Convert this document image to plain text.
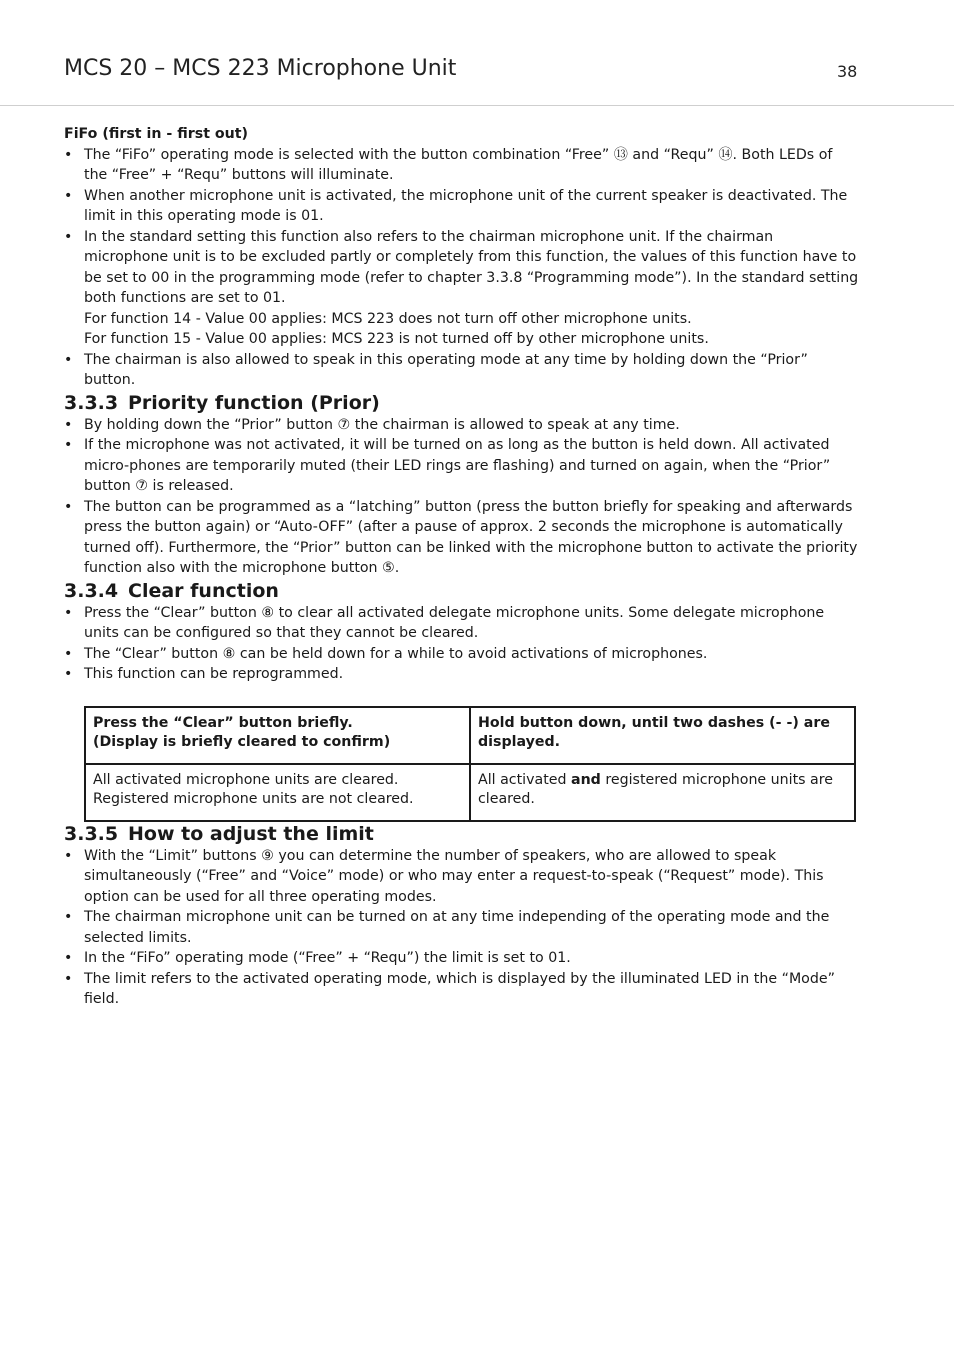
MCS 20 – MCS 223 Microphone Unit	38

FiFo (first in - first out)

• The “FiFo” operating mode is selected with the button combination “Free” ⑬ and “Requ” ⑭. Both LEDs of the “Free” + “Requ” buttons will illuminate.
• When another microphone unit is activated, the microphone unit of the current speaker is deactivated. The limit in this operating mode is 01.
• In the standard setting this function also refers to the chairman microphone unit. If the chairman microphone unit is to be excluded partly or completely from this function, the values of this function have to be set to 00 in the programming mode (refer to chapter 3.3.8 “Programming mode”). In the standard setting both functions are set to 01.
For function 14 - Value 00 applies: MCS 223 does not turn off other microphone units.
For function 15 - Value 00 applies: MCS 223 is not turned off by other microphone units.
• The chairman is also allowed to speak in this operating mode at any time by holding down the “Prior” button.
3.3.3 Priority function (Prior)
• By holding down the “Prior” button ⑦ the chairman is allowed to speak at any time.
• If the microphone was not activated, it will be turned on as long as the button is held down. All activated micro-phones are temporarily muted (their LED rings are flashing) and turned on again, when the “Prior” button ⑦ is released.
• The button can be programmed as a “latching” button (press the button briefly for speaking and afterwards press the button again) or “Auto-OFF” (after a pause of approx. 2 seconds the microphone is automatically turned off). Furthermore, the “Prior” button can be linked with the microphone button to activate the priority function also with the microphone button ⑤.
3.3.4 Clear function
• Press the “Clear” button ⑧ to clear all activated delegate microphone units. Some delegate microphone units can be configured so that they cannot be cleared.
• The “Clear” button ⑧ can be held down for a while to avoid activations of microphones.
• This function can be reprogrammed.
Press the “Clear” button briefly.
(Display is briefly cleared to confirm)	Hold button down, until two dashes (- -) are displayed.

All activated microphone units are cleared.
Registered microphone units are not cleared.	All activated and registered microphone units are cleared.
3.3.5 How to adjust the limit
• With the “Limit” buttons ⑨ you can determine the number of speakers, who are allowed to speak simultaneously (“Free” and “Voice” mode) or who may enter a request-to-speak (“Request” mode). This option can be used for all three operating modes.
• The chairman microphone unit can be turned on at any time independing of the operating mode and the selected limits.
• In the “FiFo” operating mode (“Free” + “Requ”) the limit is set to 01.
• The limit refers to the activated operating mode, which is displayed by the illuminated LED in the “Mode” field.
